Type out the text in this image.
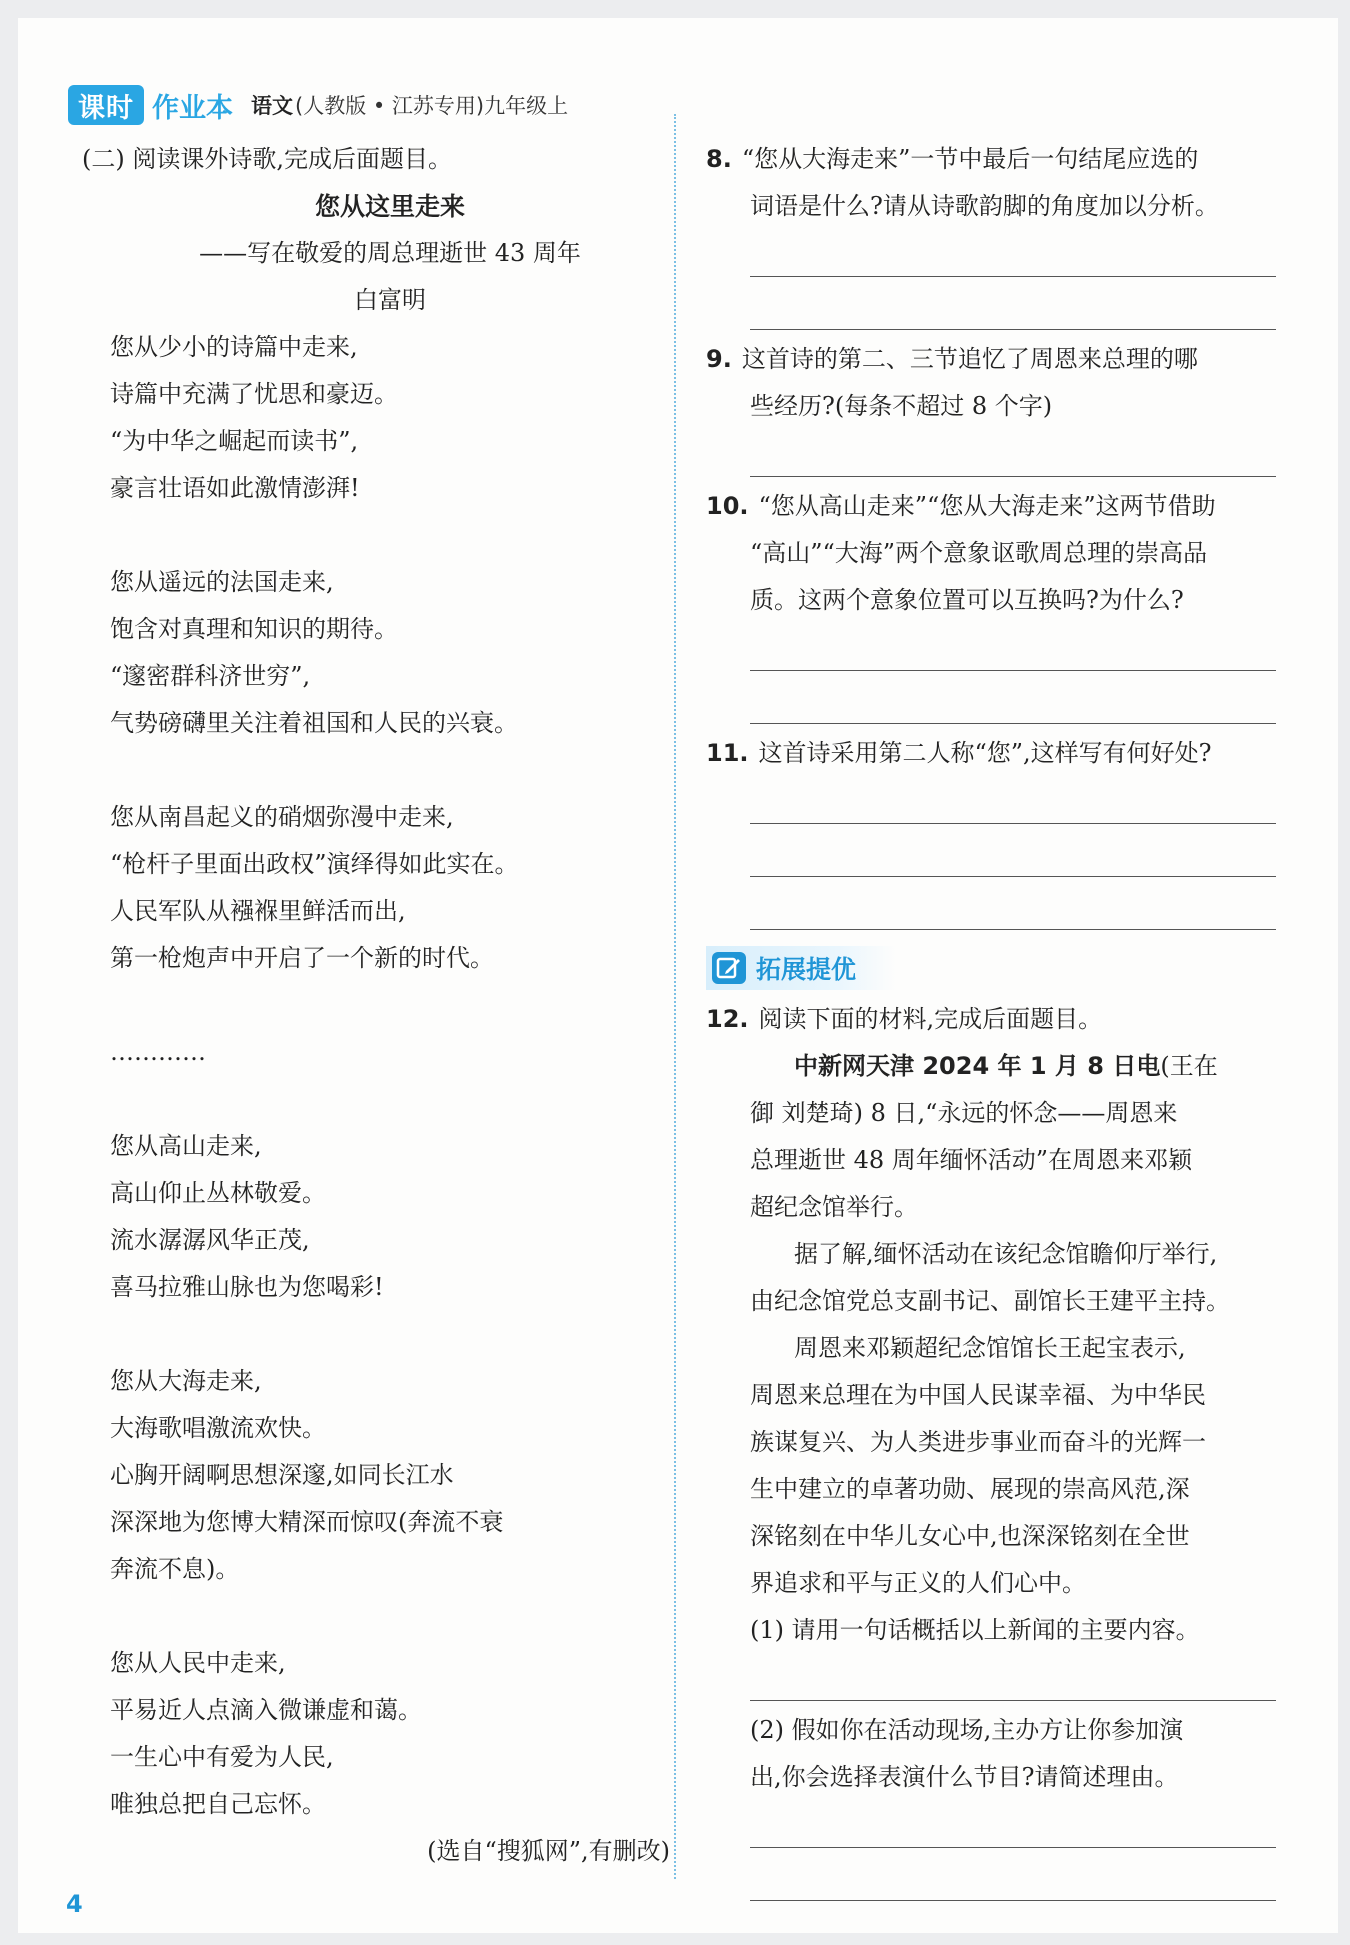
课时 作业本 语文 (人教版 • 江苏专用)九年级上
(二) 阅读课外诗歌,完成后面题目。
您从这里走来
——写在敬爱的周总理逝世 43 周年
白富明
您从少小的诗篇中走来,
诗篇中充满了忧思和豪迈。
“为中华之崛起而读书”,
豪言壮语如此激情澎湃!
您从遥远的法国走来,
饱含对真理和知识的期待。
“邃密群科济世穷”,
气势磅礴里关注着祖国和人民的兴衰。
您从南昌起义的硝烟弥漫中走来,
“枪杆子里面出政权”演绎得如此实在。
人民军队从襁褓里鲜活而出,
第一枪炮声中开启了一个新的时代。
…………
您从高山走来,
高山仰止丛林敬爱。
流水潺潺风华正茂,
喜马拉雅山脉也为您喝彩!
您从大海走来,
大海歌唱激流欢快。
心胸开阔啊思想深邃,如同长江水
深深地为您博大精深而惊叹(奔流不衰
奔流不息)。
您从人民中走来,
平易近人点滴入微谦虚和蔼。
一生心中有爱为人民,
唯独总把自己忘怀。
(选自“搜狐网”,有删改)
8. “您从大海走来”一节中最后一句结尾应选的
词语是什么?请从诗歌韵脚的角度加以分析。
9. 这首诗的第二、三节追忆了周恩来总理的哪
些经历?(每条不超过 8 个字)
10. “您从高山走来”“您从大海走来”这两节借助
“高山”“大海”两个意象讴歌周总理的崇高品
质。这两个意象位置可以互换吗?为什么?
11. 这首诗采用第二人称“您”,这样写有何好处?
拓展提优
12. 阅读下面的材料,完成后面题目。
中新网天津 2024 年 1 月 8 日电(王在
御 刘楚琦) 8 日,“永远的怀念——周恩来
总理逝世 48 周年缅怀活动”在周恩来邓颖
超纪念馆举行。
据了解,缅怀活动在该纪念馆瞻仰厅举行,
由纪念馆党总支副书记、副馆长王建平主持。
周恩来邓颖超纪念馆馆长王起宝表示,
周恩来总理在为中国人民谋幸福、为中华民
族谋复兴、为人类进步事业而奋斗的光辉一
生中建立的卓著功勋、展现的崇高风范,深
深铭刻在中华儿女心中,也深深铭刻在全世
界追求和平与正义的人们心中。
(1) 请用一句话概括以上新闻的主要内容。
(2) 假如你在活动现场,主办方让你参加演
出,你会选择表演什么节目?请简述理由。
4
